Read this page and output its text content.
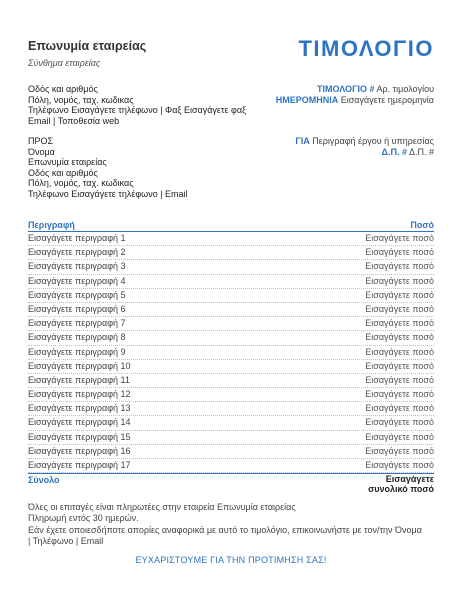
Επωνυμία εταιρείας
Σύνθημα εταιρείας
ΤΙΜΟΛΟΓΙΟ
Οδός και αριθμός
Πόλη, νομός, ταχ. κωδικας
Τηλέφωνο Εισαγάγετε τηλέφωνο | Φαξ Εισαγάγετε φαξ
Email | Τοποθεσία web
ΤΙΜΟΛΟΓΙΟ # Αρ. τιμολογίου
ΗΜΕΡΟΜΗΝΙΑ Εισαγάγετε ημερομηνία
ΠΡΟΣ
Όνομα
Επωνυμία εταιρείας
Οδός και αριθμός
Πόλη, νομός, ταχ. κωδικας
Τηλέφωνο Εισαγάγετε τηλέφωνο | Email
ΓΙΑ Περιγραφή έργου ή υπηρεσίας
Δ.Π. # Δ.Π. #
Περιγραφή	Ποσό
Εισαγάγετε περιγραφή 1	Εισαγάγετε ποσό
Εισαγάγετε περιγραφή 2	Εισαγάγετε ποσό
Εισαγάγετε περιγραφή 3	Εισαγάγετε ποσό
Εισαγάγετε περιγραφή 4	Εισαγάγετε ποσό
Εισαγάγετε περιγραφή 5	Εισαγάγετε ποσό
Εισαγάγετε περιγραφή 6	Εισαγάγετε ποσό
Εισαγάγετε περιγραφή 7	Εισαγάγετε ποσό
Εισαγάγετε περιγραφή 8	Εισαγάγετε ποσό
Εισαγάγετε περιγραφή 9	Εισαγάγετε ποσό
Εισαγάγετε περιγραφή 10	Εισαγάγετε ποσό
Εισαγάγετε περιγραφή 11	Εισαγάγετε ποσό
Εισαγάγετε περιγραφή 12	Εισαγάγετε ποσό
Εισαγάγετε περιγραφή 13	Εισαγάγετε ποσό
Εισαγάγετε περιγραφή 14	Εισαγάγετε ποσό
Εισαγάγετε περιγραφή 15	Εισαγάγετε ποσό
Εισαγάγετε περιγραφή 16	Εισαγάγετε ποσό
Εισαγάγετε περιγραφή 17	Εισαγάγετε ποσό
Σύνολο	Εισαγάγετε συνολικό ποσό
Όλες οι επιταγές είναι πληρωτέες στην εταιρεία Επωνυμία εταιρείας
Πληρωμή εντός 30 ημερών.
Εάν έχετε οποιεσδήποτε απορίες αναφορικά με αυτό το τιμολόγιο, επικοινωνήστε με τον/την Όνομα
| Τηλέφωνο | Email
ΕΥΧΑΡΙΣΤΟΥΜΕ ΓΙΑ ΤΗΝ ΠΡΟΤΙΜΗΣΗ ΣΑΣ!
